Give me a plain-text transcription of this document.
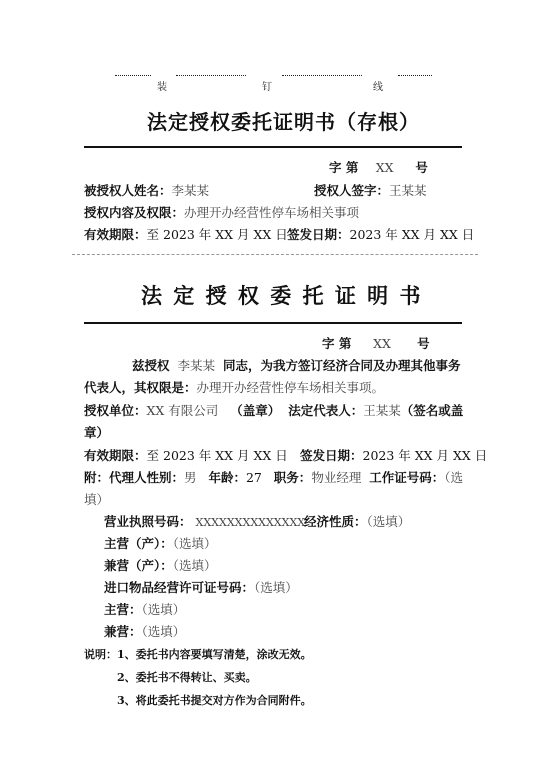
装	钉	线
法定授权委托证明书（存根）
字 第 XX 号
被授权人姓名：李某某	授权人签字：王某某
授权内容及权限：办理开办经营性停车场相关事项
有效期限：至 2023 年 XX 月 XX 日 签发日期：2023 年 XX 月 XX 日
法 定 授 权 委 托 证 明 书
字 第 XX 号
兹授权 李某某 同志，为我方签订经济合同及办理其他事务
代表人，其权限是：办理开办经营性停车场相关事项。
授权单位：XX 有限公司 （盖章） 法定代表人：王某某（签名或盖
章）
有效期限：至 2023 年 XX 月 XX 日 签发日期：2023 年 XX 月 XX 日
附：代理人性别：男 年龄：27 职务：物业经理 工作证号码：（选
填）
营业执照号码： XXXXXXXXXXXXXX
经济性质：（选填）
主营（产）：（选填）
兼营（产）：（选填）
进口物品经营许可证号码：（选填）
主营：（选填）
兼营：（选填）
说明：1、委托书内容要填写清楚，涂改无效。
2、委托书不得转让、买卖。
3、将此委托书提交对方作为合同附件。
